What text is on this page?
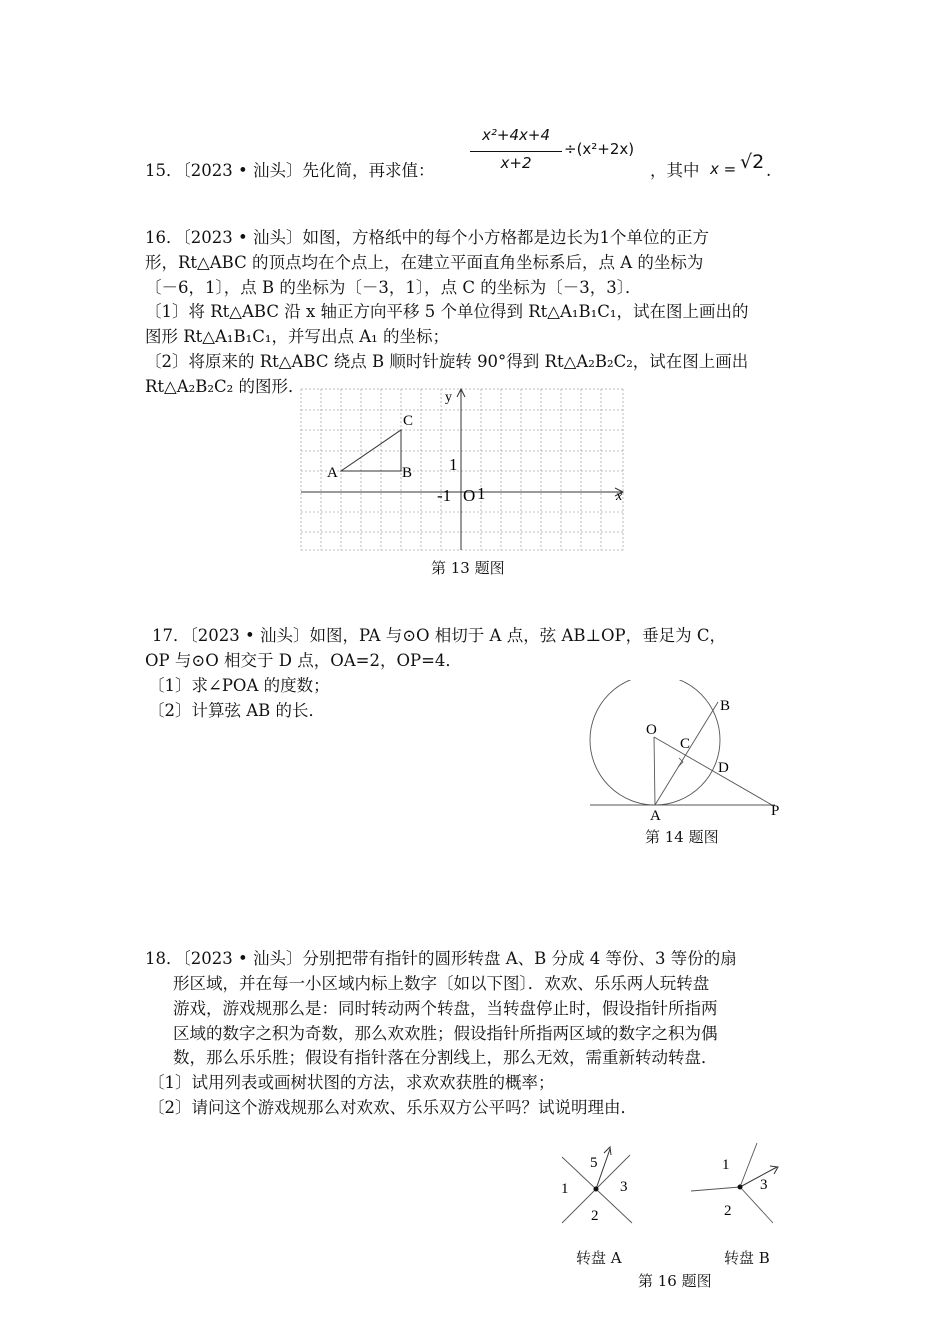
15．〔2023 • 汕头〕先化简，再求值：
x²+4x+4
x+2
÷(x²+2x)
，其中 x = √2 .
16．〔2023 • 汕头〕如图，方格纸中的每个小方格都是边长为1个单位的正方
形，Rt△ABC 的顶点均在个点上，在建立平面直角坐标系后，点 A 的坐标为
〔－6，1〕，点 B 的坐标为〔－3，1〕，点 C 的坐标为〔－3，3〕．
〔1〕将 Rt△ABC 沿 x 轴正方向平移 5 个单位得到 Rt△A₁B₁C₁，试在图上画出的
图形 Rt△A₁B₁C₁，并写出点 A₁ 的坐标；
〔2〕将原来的 Rt△ABC 绕点 B 顺时针旋转 90°得到 Rt△A₂B₂C₂，试在图上画出
Rt△A₂B₂C₂ 的图形．
y
x
C
A	B 1
-1 O 1
第 13 题图
17．〔2023 • 汕头〕如图，PA 与⊙O 相切于 A 点，弦 AB⊥OP，垂足为 C，
OP 与⊙O 相交于 D 点，OA=2，OP=4．
〔1〕求∠POA 的度数；
〔2〕计算弦 AB 的长．	B
O
C
D
A	P
第 14 题图
18．〔2023 • 汕头〕分别把带有指针的圆形转盘 A、B 分成 4 等份、3 等份的扇
形区域，并在每一小区域内标上数字〔如以下图〕．欢欢、乐乐两人玩转盘
游戏，游戏规那么是：同时转动两个转盘，当转盘停止时，假设指针所指两
区域的数字之积为奇数，那么欢欢胜；假设指针所指两区域的数字之积为偶
数，那么乐乐胜；假设有指针落在分割线上，那么无效，需重新转动转盘．
〔1〕试用列表或画树状图的方法，求欢欢获胜的概率；
〔2〕请问这个游戏规那么对欢欢、乐乐双方公平吗？试说明理由．
5
1	3
2
转盘 A
1
3
2
转盘 B
第 16 题图
